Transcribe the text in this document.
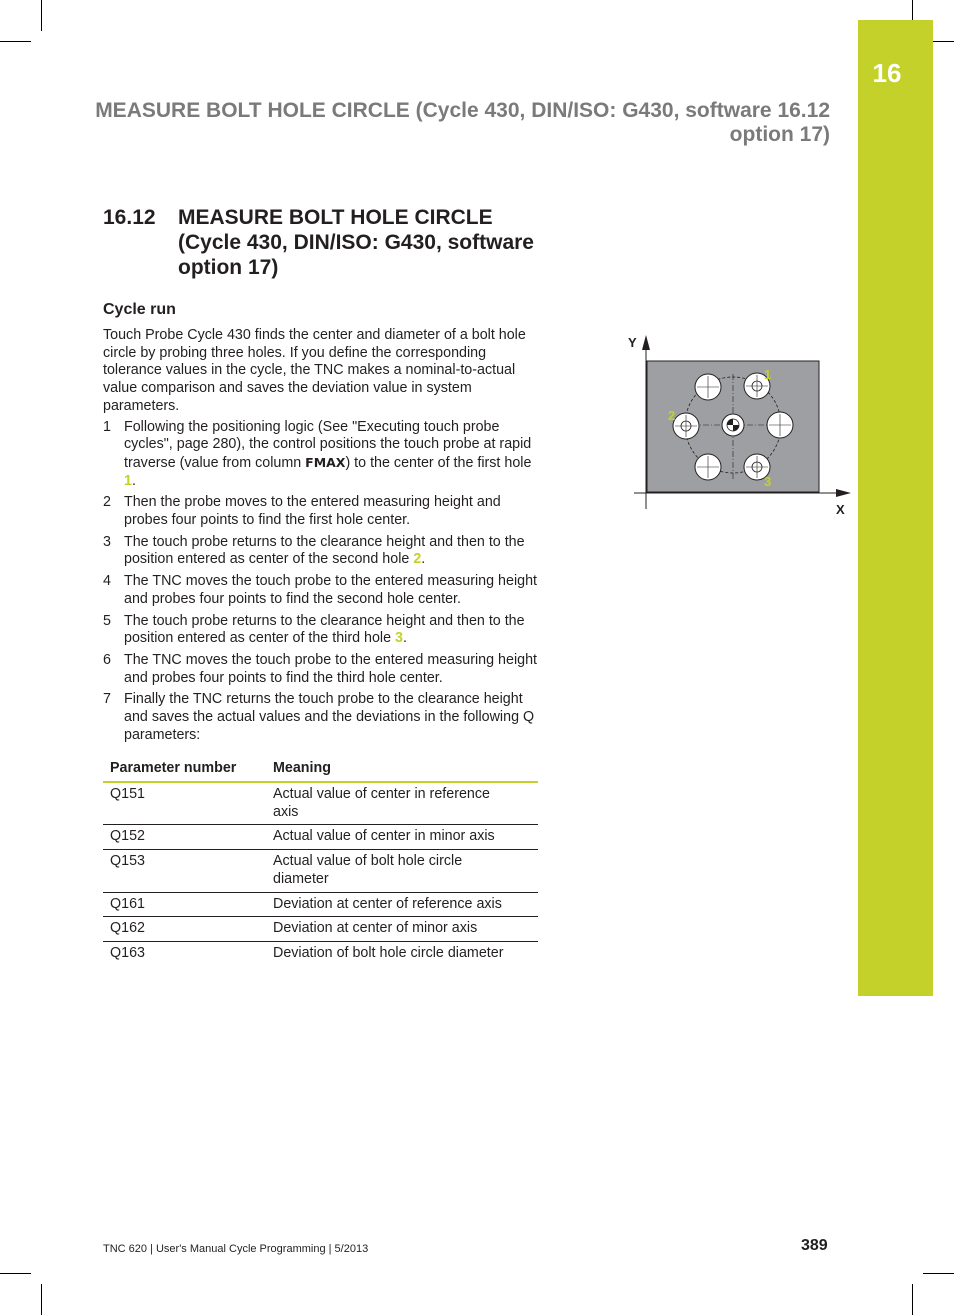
16
MEASURE BOLT HOLE CIRCLE (Cycle 430, DIN/ISO: G430, software 16.12
option 17)
16.12 MEASURE BOLT HOLE CIRCLE (Cycle 430, DIN/ISO: G430, software option 17)
Cycle run

Touch Probe Cycle 430 finds the center and diameter of a bolt hole circle by probing three holes. If you define the corresponding tolerance values in the cycle, the TNC makes a nominal-to-actual value comparison and saves the deviation value in system parameters.

1 Following the positioning logic (See "Executing touch probe cycles", page 280), the control positions the touch probe at rapid traverse (value from column FMAX) to the center of the first hole 1.
2 Then the probe moves to the entered measuring height and probes four points to find the first hole center.
3 The touch probe returns to the clearance height and then to the position entered as center of the second hole 2.
4 The TNC moves the touch probe to the entered measuring height and probes four points to find the second hole center.
5 The touch probe returns to the clearance height and then to the position entered as center of the third hole 3.
6 The TNC moves the touch probe to the entered measuring height and probes four points to find the third hole center.
7 Finally the TNC returns the touch probe to the clearance height and saves the actual values and the deviations in the following Q parameters:
Parameter number	Meaning
Q151	Actual value of center in reference axis
Q152	Actual value of center in minor axis
Q153	Actual value of bolt hole circle diameter
Q161	Deviation at center of reference axis
Q162	Deviation at center of minor axis
Q163	Deviation of bolt hole circle diameter
Y
X
1
2
3
TNC 620 | User's Manual Cycle Programming | 5/2013	389
